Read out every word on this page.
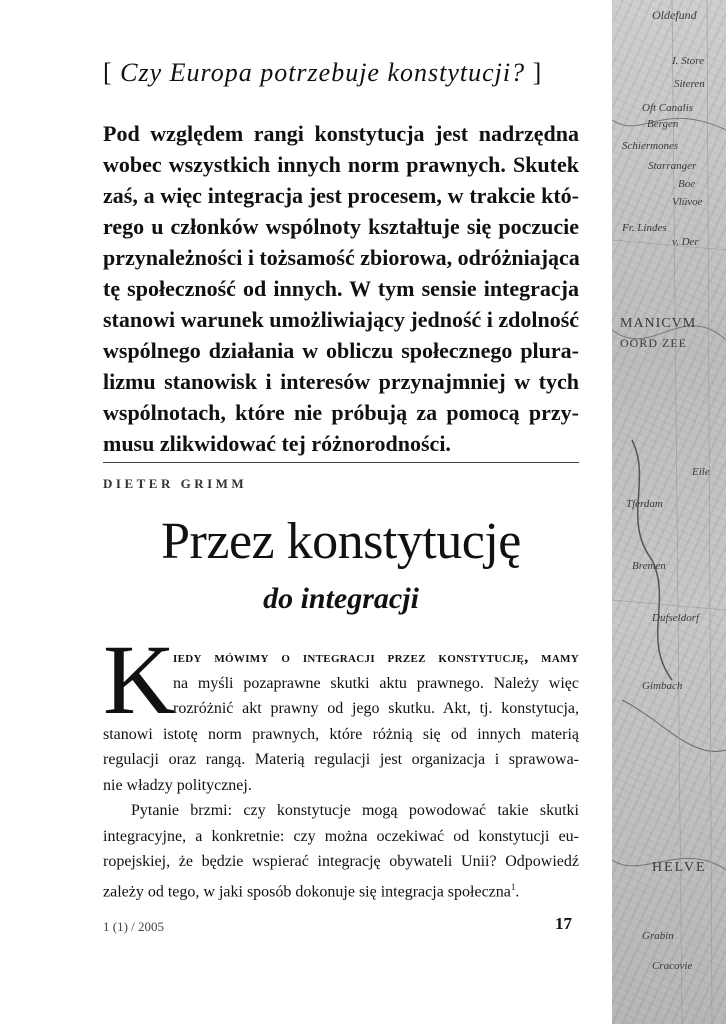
[ Czy Europa potrzebuje konstytucji? ]
Pod względem rangi konstytucja jest nadrzędna
wobec wszystkich innych norm prawnych. Skutek
zaś, a więc integracja jest procesem, w trakcie któ-
rego u członków wspólnoty kształtuje się poczucie
przynależności i tożsamość zbiorowa, odróżniająca
tę społeczność od innych. W tym sensie integracja
stanowi warunek umożliwiający jedność i zdolność
wspólnego działania w obliczu społecznego plura-
lizmu stanowisk i interesów przynajmniej w tych
wspólnotach, które nie próbują za pomocą przy-
musu zlikwidować tej różnorodności.
DIETER GRIMM
Przez konstytucję
do integracji
K
iedy mówimy o integracji przez konstytucję, mamy
na myśli pozaprawne skutki aktu prawnego. Należy więc
rozróżnić akt prawny od jego skutku. Akt, tj. konstytucja,
stanowi istotę norm prawnych, które różnią się od innych materią
regulacji oraz rangą. Materią regulacji jest organizacja i sprawowa-
nie władzy politycznej.
Pytanie brzmi: czy konstytucje mogą powodować takie skutki
integracyjne, a konkretnie: czy można oczekiwać od konstytucji eu-
ropejskiej, że będzie wspierać integrację obywateli Unii? Odpowiedź
zależy od tego, w jaki sposób dokonuje się integracja społeczna$^1$.
1 (1) / 2005	17
Oldefund
I. Store
Siteren
Oft Canalis
Bergen
Schiermones
Starranger
Boe
Vlüvoe
Fr. Lindes
v. Der
MANICVM
OORD ZEE
Eile
Tferdam
Dufseldorf
Bremen
Gimbach
HELVE
Grabin
Cracovie
